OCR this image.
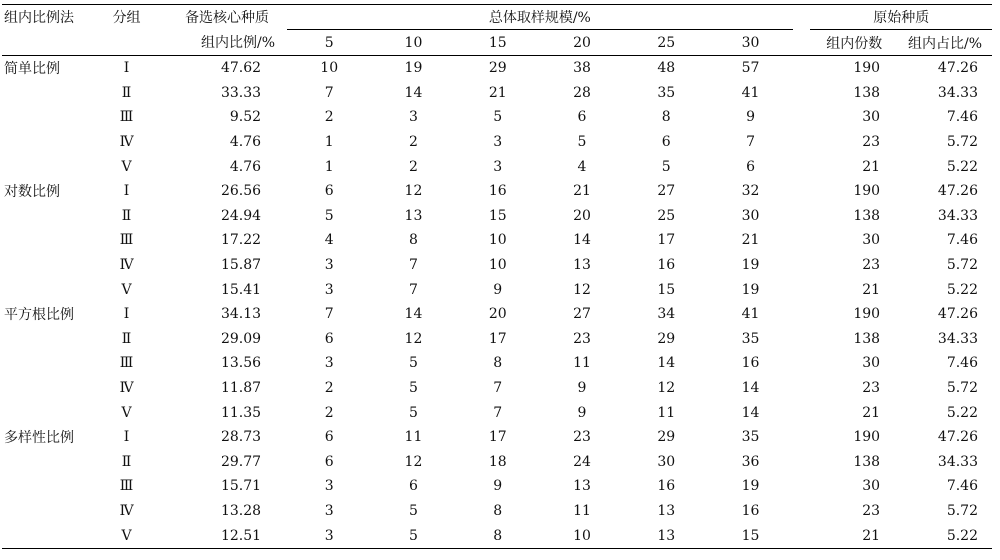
组内比例法	分组	备选核心种质	总体取样规模/%							原始种质	
		组内比例/%	5	10	15	20	25	30		组内份数	组内占比/%
简单比例	Ⅰ	47.62	10	19	29	38	48	57		190	47.26
	Ⅱ	33.33	7	14	21	28	35	41		138	34.33
	Ⅲ	9.52	2	3	5	6	8	9		30	7.46
	Ⅳ	4.76	1	2	3	5	6	7		23	5.72
	Ⅴ	4.76	1	2	3	4	5	6		21	5.22
对数比例	Ⅰ	26.56	6	12	16	21	27	32		190	47.26
	Ⅱ	24.94	5	13	15	20	25	30		138	34.33
	Ⅲ	17.22	4	8	10	14	17	21		30	7.46
	Ⅳ	15.87	3	7	10	13	16	19		23	5.72
	Ⅴ	15.41	3	7	9	12	15	19		21	5.22
平方根比例	Ⅰ	34.13	7	14	20	27	34	41		190	47.26
	Ⅱ	29.09	6	12	17	23	29	35		138	34.33
	Ⅲ	13.56	3	5	8	11	14	16		30	7.46
	Ⅳ	11.87	2	5	7	9	12	14		23	5.72
	Ⅴ	11.35	2	5	7	9	11	14		21	5.22
多样性比例	Ⅰ	28.73	6	11	17	23	29	35		190	47.26
	Ⅱ	29.77	6	12	18	24	30	36		138	34.33
	Ⅲ	15.71	3	6	9	13	16	19		30	7.46
	Ⅳ	13.28	3	5	8	11	13	16		23	5.72
	Ⅴ	12.51	3	5	8	10	13	15		21	5.22
